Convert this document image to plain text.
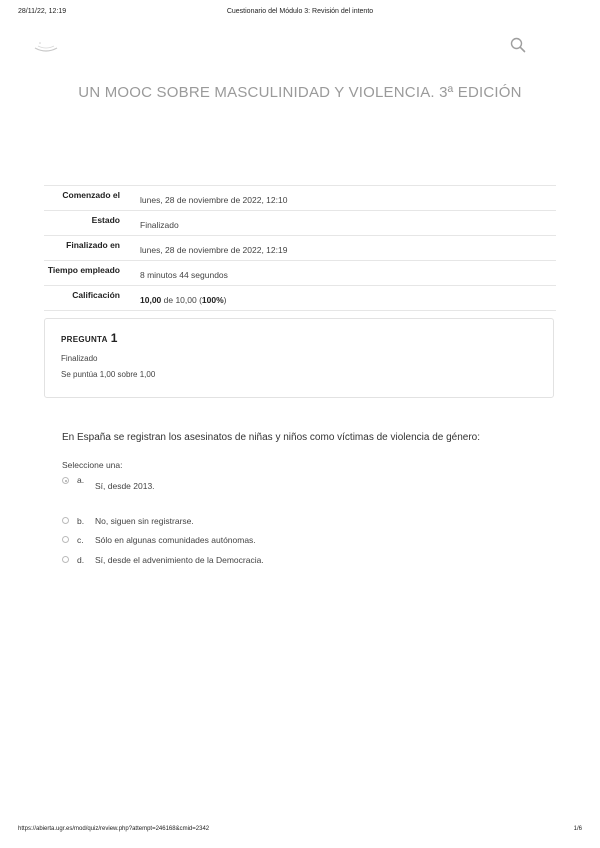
28/11/22, 12:19	Cuestionario del Módulo 3: Revisión del intento
UN MOOC SOBRE MASCULINIDAD Y VIOLENCIA. 3ª EDICIÓN
Comenzado el	lunes, 28 de noviembre de 2022, 12:10
Estado	Finalizado
Finalizado en	lunes, 28 de noviembre de 2022, 12:19
Tiempo empleado	8 minutos 44 segundos
Calificación	10,00 de 10,00 (100%)
PREGUNTA 1
Finalizado
Se puntúa 1,00 sobre 1,00
En España se registran los asesinatos de niñas y niños como víctimas de violencia de género:
Seleccione una:
a.
Sí, desde 2013.
b.	No, siguen sin registrarse.
c.	Sólo en algunas comunidades autónomas.
d.	Sí, desde el advenimiento de la Democracia.
https://abierta.ugr.es/mod/quiz/review.php?attempt=246168&cmid=2342	1/6
